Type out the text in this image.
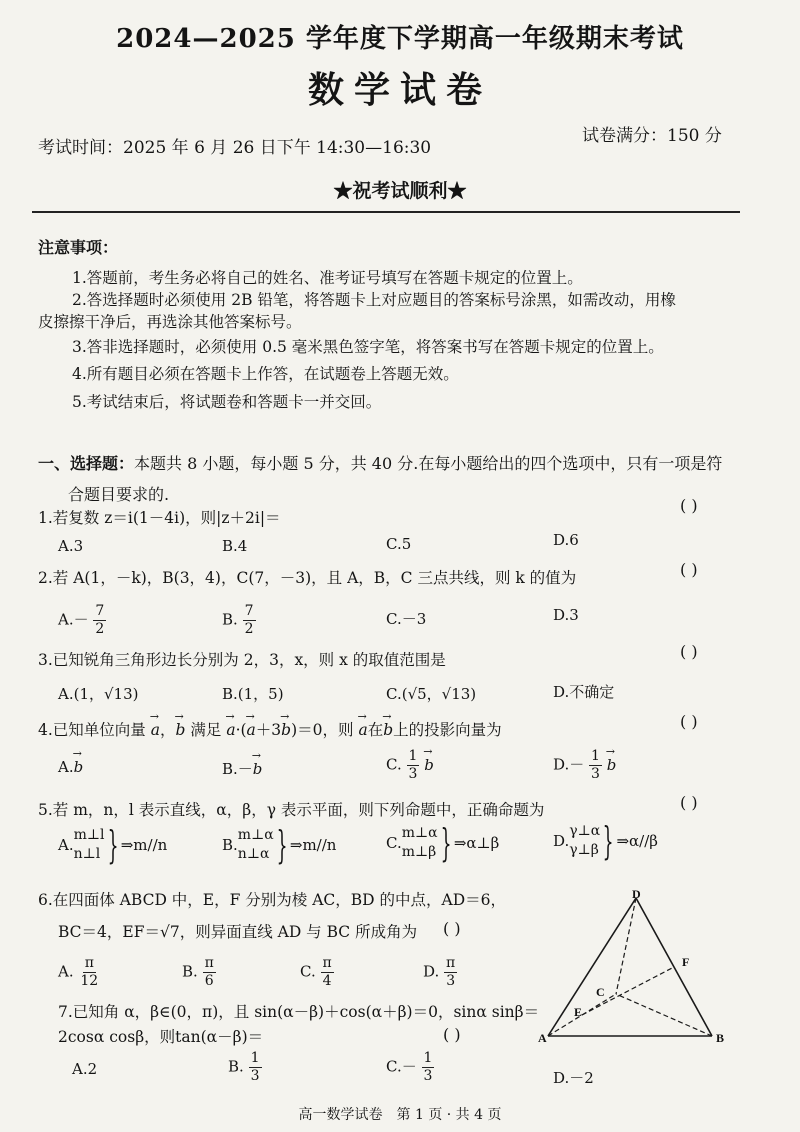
2024—2025 学年度下学期高一年级期末考试
数学试卷
考试时间：2025 年 6 月 26 日下午 14:30—16:30
试卷满分：150 分
★祝考试顺利★
注意事项：
1.答题前，考生务必将自己的姓名、准考证号填写在答题卡规定的位置上。
2.答选择题时必须使用 2B 铅笔，将答题卡上对应题目的答案标号涂黑，如需改动，用橡
皮擦擦干净后，再选涂其他答案标号。
3.答非选择题时，必须使用 0.5 毫米黑色签字笔，将答案书写在答题卡规定的位置上。
4.所有题目必须在答题卡上作答，在试题卷上答题无效。
5.考试结束后，将试题卷和答题卡一并交回。
一、选择题：本题共 8 小题，每小题 5 分，共 40 分.在每小题给出的四个选项中，只有一项是符
合题目要求的.
1.若复数 z＝i(1－4i)，则|z＋2i|＝
( )
A.3	B.4	C.5	D.6
2.若 A(1，－k)，B(3，4)，C(7，－3)，且 A，B，C 三点共线，则 k 的值为	( )
$A.- \frac{7}{2}$	B. $\frac{7}{2}$	C.－3	D.3
3.已知锐角三角形边长分别为 2，3，x，则 x 的取值范围是	( )
A.(1，√13)	B.(1，5)	C.(√5，√13)	D.不确定
4.已知单位向量 → a，→ b 满足 → a·(→ a＋3→ b)＝0，则 → a在→ b上的投影向量为	( )
A.→ b	B.－→ b	C. $\frac{1}{3}$
→ b	$D.- \frac{1}{3}$
→ b
5.若 m，n，l 表示直线，α，β，γ 表示平面，则下列命题中，正确命题为	( )
A.
m⊥l
n⊥l } ⇒m//n	B.
m⊥α
n⊥α } ⇒m//n	C.
m⊥α
m⊥β } ⇒α⊥β	D.
γ⊥α
γ⊥β } ⇒α//β
6.在四面体 ABCD 中，E，F 分别为棱 AC，BD 的中点，AD＝6，
BC＝4，EF＝√7，则异面直线 AD 与 BC 所成角为 ( )
A. $\frac{\pi}{12}$	B. $\frac{\pi}{6}$	C. $\frac{\pi}{4}$	D. $\frac{\pi}{3}$
D
A	B
C
E
F
7.已知角 α，β∈(0，π)，且 sin(α－β)＋cos(α＋β)＝0，sinα sinβ＝
2cosα cosβ，则tan(α－β)＝	( )
A.2	B. $\frac{1}{3}$	$C.- \frac{1}{3}$	D.－2
高一数学试卷　第 1 页 · 共 4 页
